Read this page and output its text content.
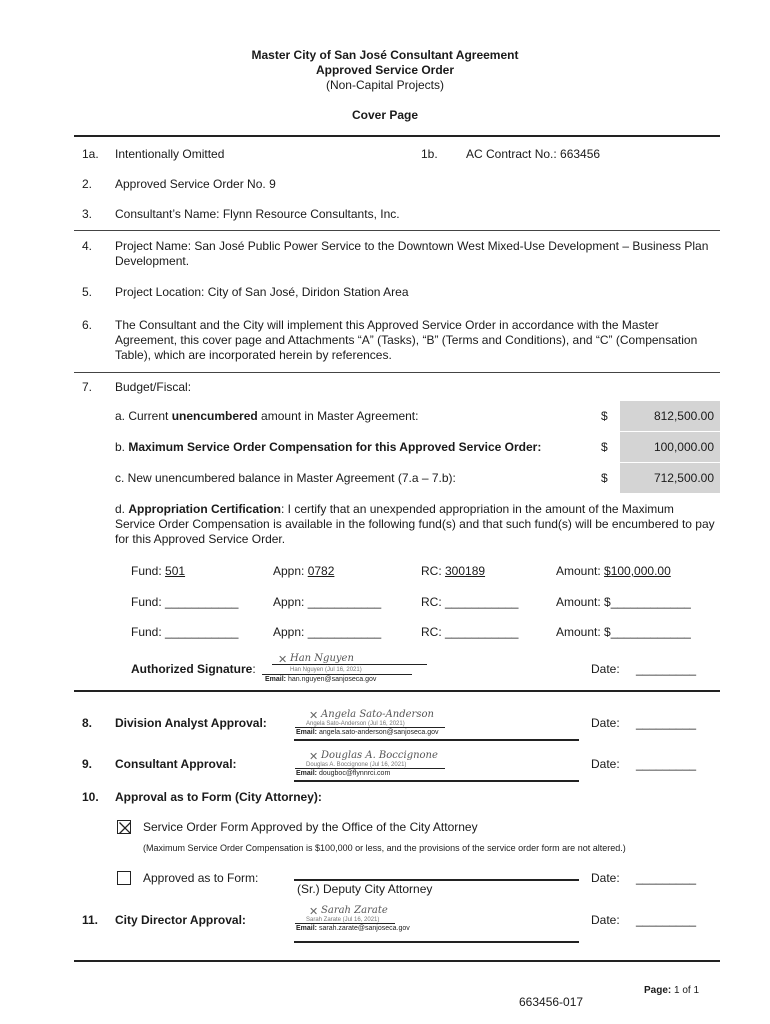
Master City of San José Consultant Agreement
Approved Service Order
(Non-Capital Projects)
Cover Page
1a. Intentionally Omitted	1b. AC Contract No.: 663456
2. Approved Service Order No. 9
3. Consultant’s Name: Flynn Resource Consultants, Inc.
4. Project Name: San José Public Power Service to the Downtown West Mixed-Use Development – Business Plan Development.
5. Project Location: City of San José, Diridon Station Area
6. The Consultant and the City will implement this Approved Service Order in accordance with the Master Agreement, this cover page and Attachments “A” (Tasks), “B” (Terms and Conditions), and “C” (Compensation Table), which are incorporated herein by references.
7. Budget/Fiscal:
a. Current unencumbered amount in Master Agreement:	$	812,500.00
b. Maximum Service Order Compensation for this Approved Service Order:	$	100,000.00
c. New unencumbered balance in Master Agreement (7.a – 7.b):	$	712,500.00
d. Appropriation Certification: I certify that an unexpended appropriation in the amount of the Maximum Service Order Compensation is available in the following fund(s) and that such fund(s) will be encumbered to pay for this Approved Service Order.
Fund: 501	Appn: 0782	RC: 300189	Amount: $100,000.00
Fund: ___________	Appn: ___________	RC: ___________	Amount: $____________
Fund: ___________	Appn: ___________	RC: ___________	Amount: $____________
Authorized Signature:
✕ Han Nguyen
Han Nguyen (Jul 16, 2021)
Email: han.nguyen@sanjoseca.gov
Date: _________
8. Division Analyst Approval:	✕ Angela Sato-Anderson
Angela Sato-Anderson (Jul 16, 2021)
Email: angela.sato-anderson@sanjoseca.gov
Date: _________
9. Consultant Approval:	✕ Douglas A. Boccignone
Douglas A. Boccignone (Jul 16, 2021)
Email: dougboc@flynnrci.com
Date: _________
10. Approval as to Form (City Attorney):
Service Order Form Approved by the Office of the City Attorney
(Maximum Service Order Compensation is $100,000 or less, and the provisions of the service order form are not altered.)
Approved as to Form:
(Sr.) Deputy City Attorney
Date: _________
11. City Director Approval:
✕ Sarah Zarate
Sarah Zarate (Jul 16, 2021)
Email: sarah.zarate@sanjoseca.gov
Date: _________
Page: 1 of 1
663456-017
